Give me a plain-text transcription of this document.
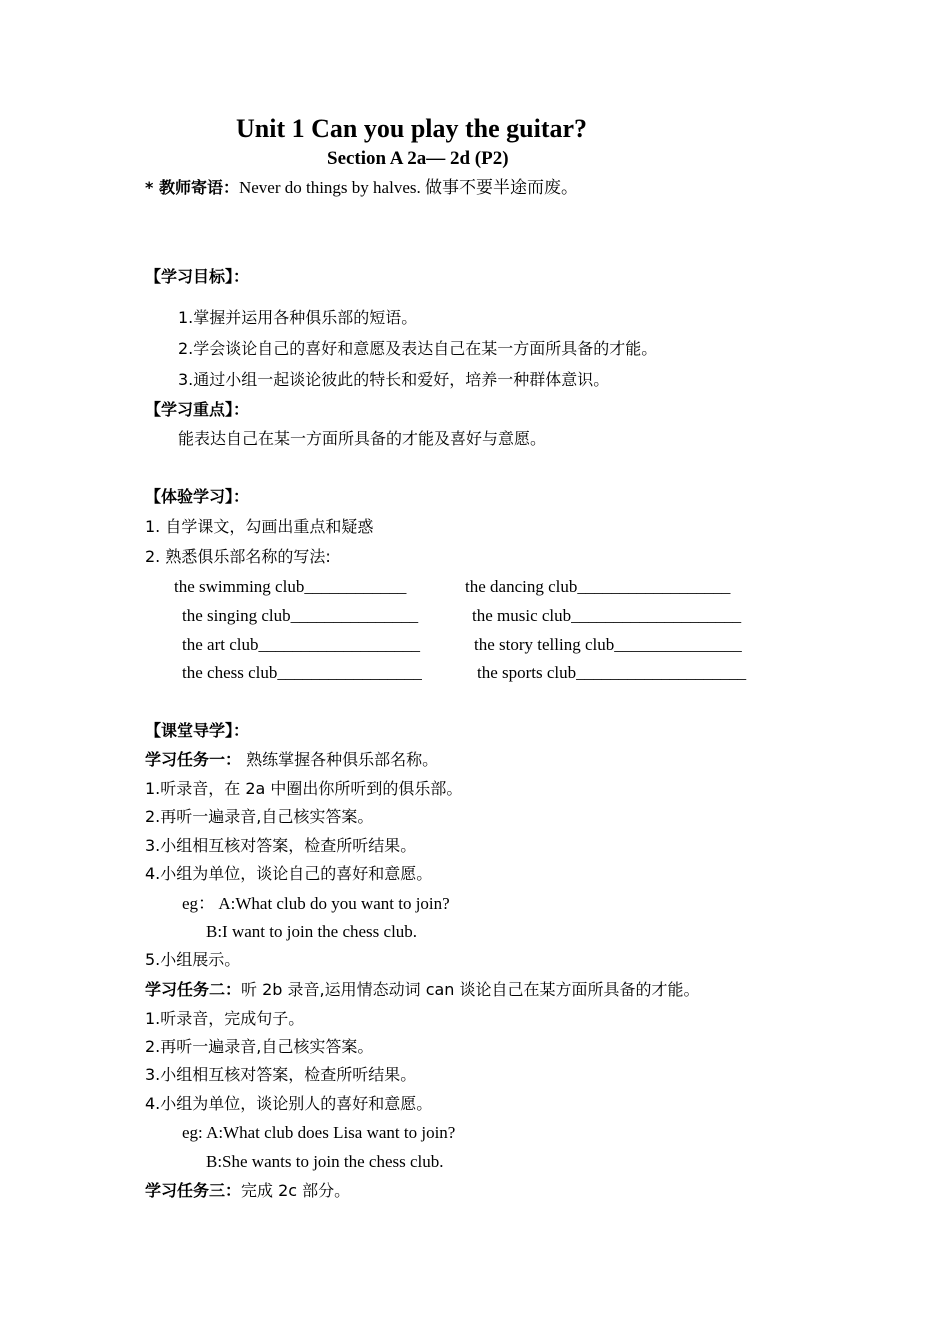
Unit 1 Can you play the guitar?
Section A 2a— 2d (P2)
* 教师寄语：Never do things by halves. 做事不要半途而废。
【学习目标】：
1.掌握并运用各种俱乐部的短语。
2.学会谈论自己的喜好和意愿及表达自己在某一方面所具备的才能。
3.通过小组一起谈论彼此的特长和爱好，培养一种群体意识。
【学习重点】：
能表达自己在某一方面所具备的才能及喜好与意愿。
【体验学习】：
1. 自学课文，勾画出重点和疑惑
2. 熟悉俱乐部名称的写法:
the swimming club____________	the dancing club__________________
the singing club_______________	the music club____________________
the art club___________________	the story telling club_______________
the chess club_________________	the sports club____________________
【课堂导学】：
学习任务一： 熟练掌握各种俱乐部名称。
1.听录音，在 2a 中圈出你所听到的俱乐部。
2.再听一遍录音,自己核实答案。
3.小组相互核对答案，检查所听结果。
4.小组为单位，谈论自己的喜好和意愿。
eg： A:What club do you want to join?
B:I want to join the chess club.
5.小组展示。
学习任务二：听 2b 录音,运用情态动词 can 谈论自己在某方面所具备的才能。
1.听录音，完成句子。
2.再听一遍录音,自己核实答案。
3.小组相互核对答案，检查所听结果。
4.小组为单位，谈论别人的喜好和意愿。
eg: A:What club does Lisa want to join?
B:She wants to join the chess club.
学习任务三：完成 2c 部分。
